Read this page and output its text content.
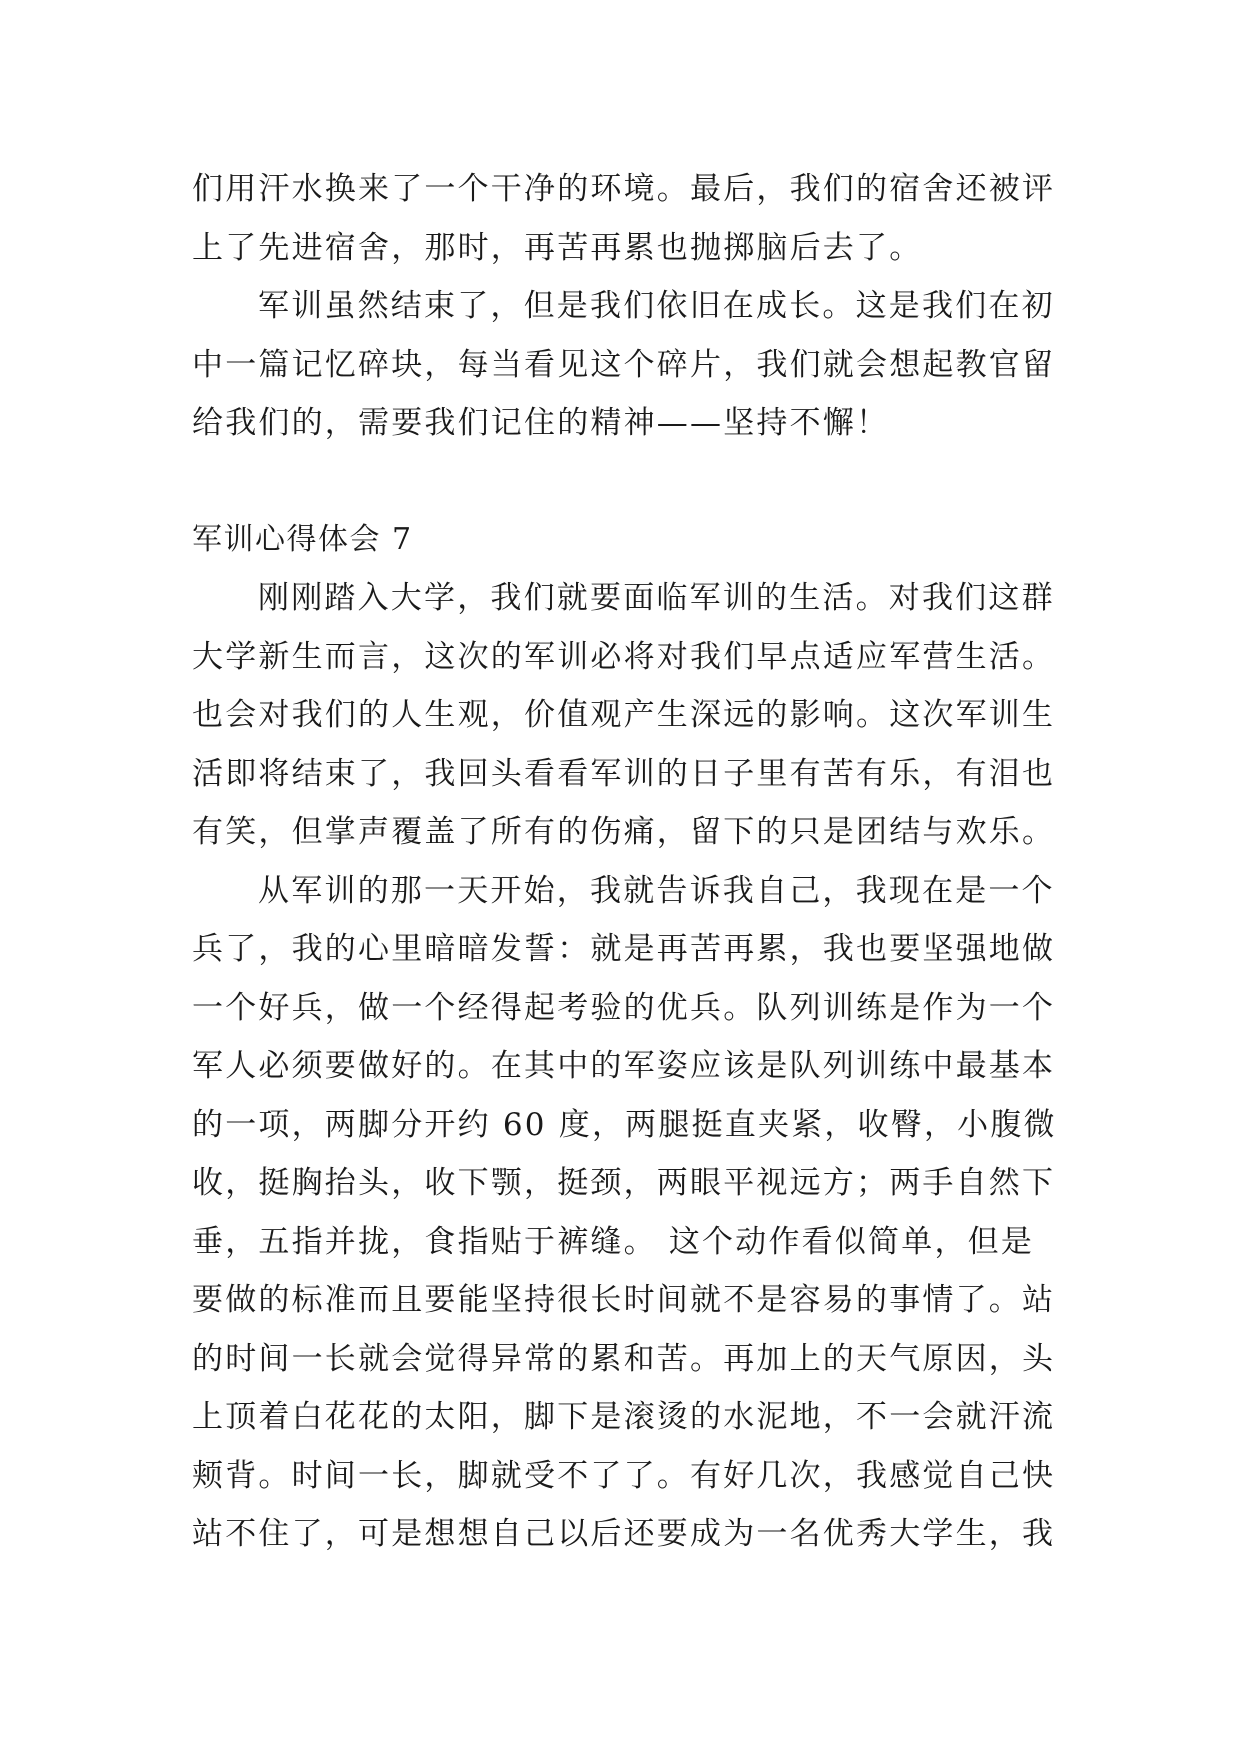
们用汗水换来了一个干净的环境。最后，我们的宿舍还被评
上了先进宿舍，那时，再苦再累也抛掷脑后去了。
军训虽然结束了，但是我们依旧在成长。这是我们在初
中一篇记忆碎块，每当看见这个碎片，我们就会想起教官留
给我们的，需要我们记住的精神——坚持不懈！
军训心得体会 7
刚刚踏入大学，我们就要面临军训的生活。对我们这群
大学新生而言，这次的军训必将对我们早点适应军营生活。
也会对我们的人生观，价值观产生深远的影响。这次军训生
活即将结束了，我回头看看军训的日子里有苦有乐，有泪也
有笑，但掌声覆盖了所有的伤痛，留下的只是团结与欢乐。
从军训的那一天开始，我就告诉我自己，我现在是一个
兵了，我的心里暗暗发誓：就是再苦再累，我也要坚强地做
一个好兵，做一个经得起考验的优兵。队列训练是作为一个
军人必须要做好的。在其中的军姿应该是队列训练中最基本
的一项，两脚分开约 60 度，两腿挺直夹紧，收臀，小腹微
收，挺胸抬头，收下颚，挺颈，两眼平视远方；两手自然下
垂，五指并拢，食指贴于裤缝。 这个动作看似简单，但是
要做的标准而且要能坚持很长时间就不是容易的事情了。站
的时间一长就会觉得异常的累和苦。再加上的天气原因，头
上顶着白花花的太阳，脚下是滚烫的水泥地，不一会就汗流
颊背。时间一长，脚就受不了了。有好几次，我感觉自己快
站不住了，可是想想自己以后还要成为一名优秀大学生，我
